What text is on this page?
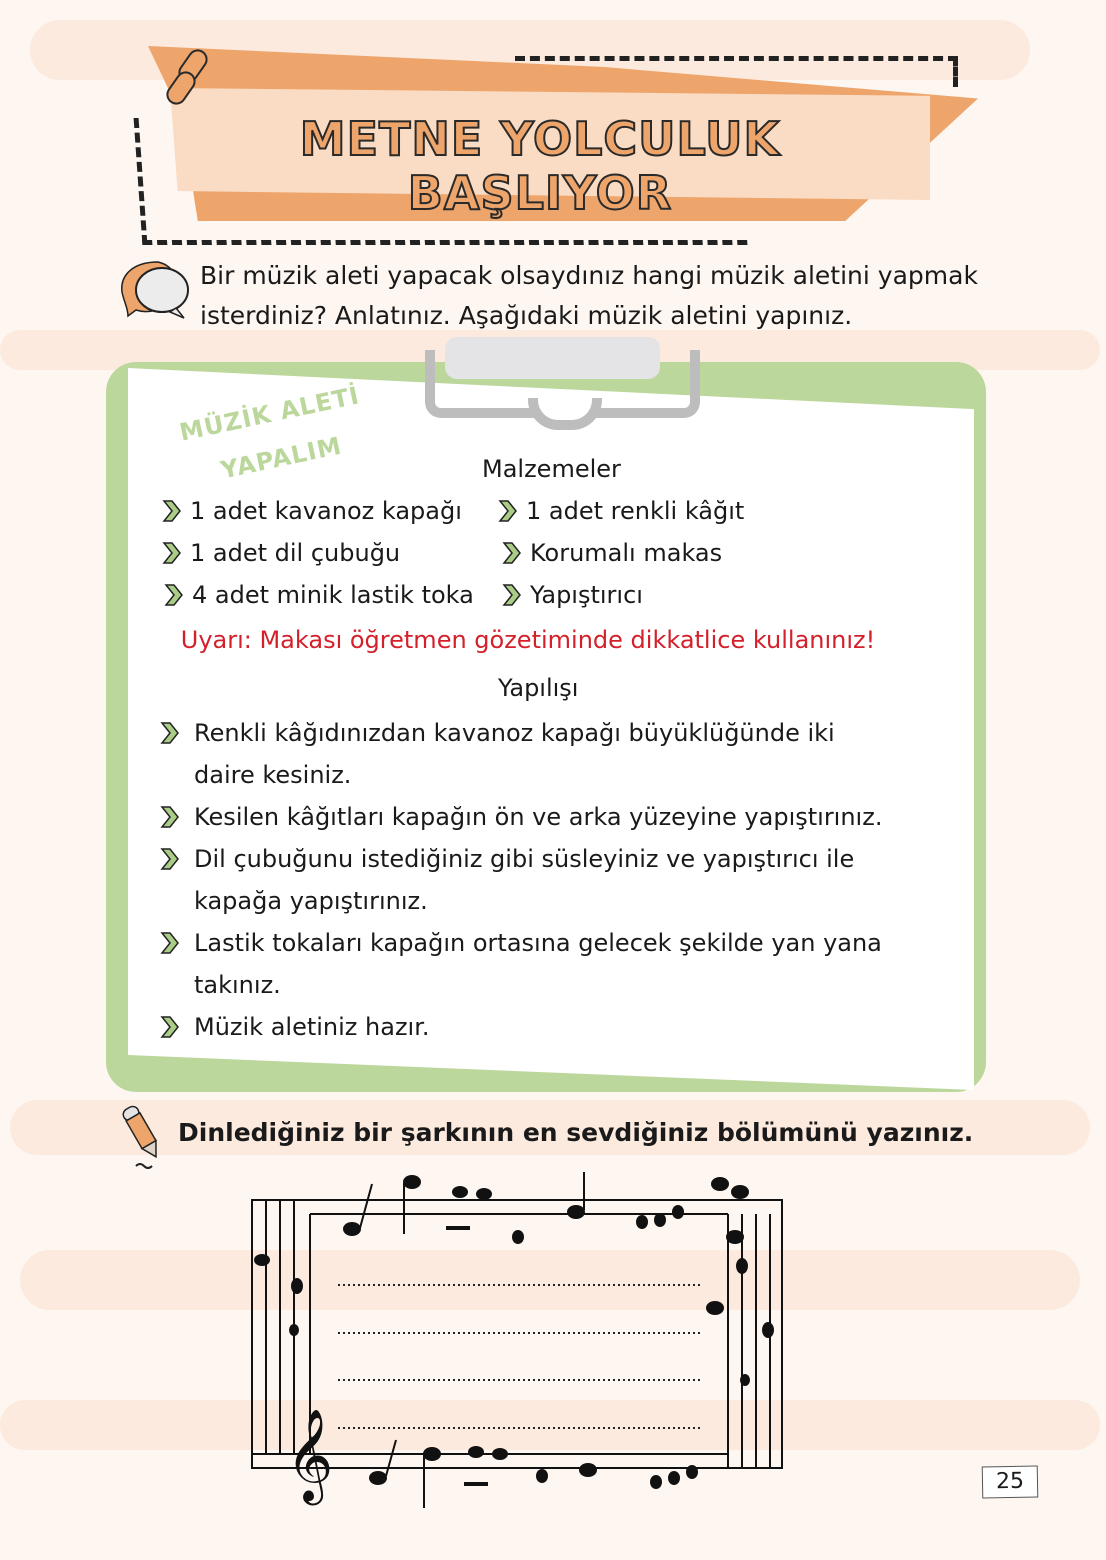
METNE YOLCULUK BAŞLIYOR
Bir müzik aleti yapacak olsaydınız hangi müzik aletini yapmak isterdiniz? Anlatınız. Aşağıdaki müzik aletini yapınız.
MÜZİK ALETİ
YAPALIM	Malzemeler
1 adet kavanoz kapağı
1 adet dil çubuğu
4 adet minik lastik toka
1 adet renkli kâğıt
Korumalı makas
Yapıştırıcı
Uyarı: Makası öğretmen gözetiminde dikkatlice kullanınız!
Yapılışı
Renkli kâğıdınızdan kavanoz kapağı büyüklüğünde iki daire kesiniz.
Kesilen kâğıtları kapağın ön ve arka yüzeyine yapıştırınız.
Dil çubuğunu istediğiniz gibi süsleyiniz ve yapıştırıcı ile kapağa yapıştırınız.
Lastik tokaları kapağın ortasına gelecek şekilde yan yana takınız.
Müzik aletiniz hazır.
Dinlediğiniz bir şarkının en sevdiğiniz bölümünü yazınız.
𝄞	25
